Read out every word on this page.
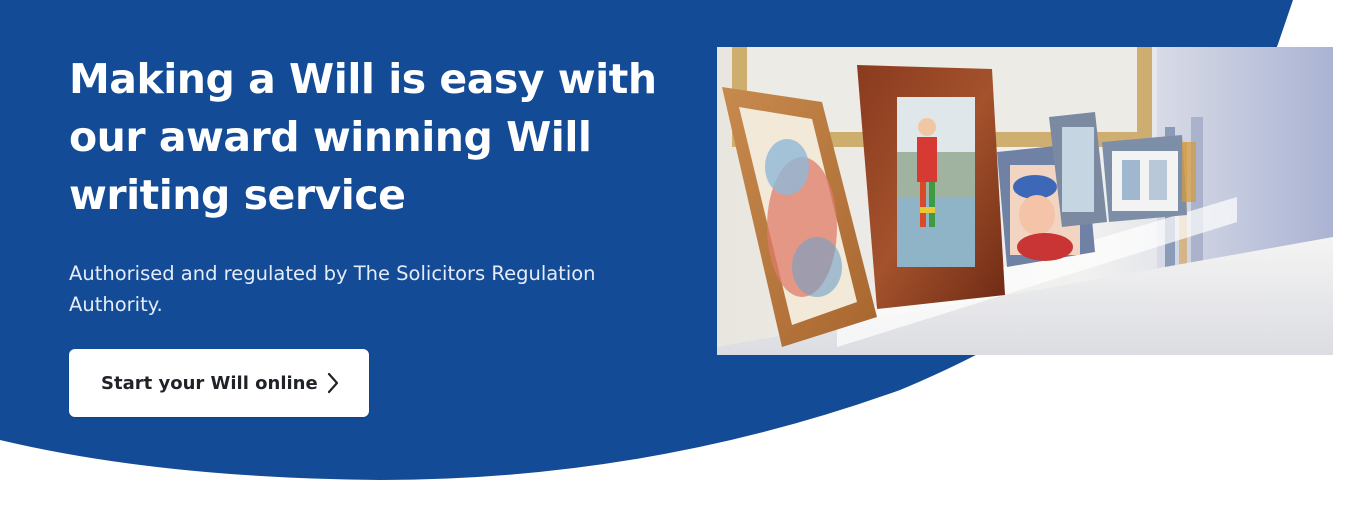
Making a Will is easy with our award winning Will writing service

Authorised and regulated by The Solicitors Regulation Authority.

Start your Will online
